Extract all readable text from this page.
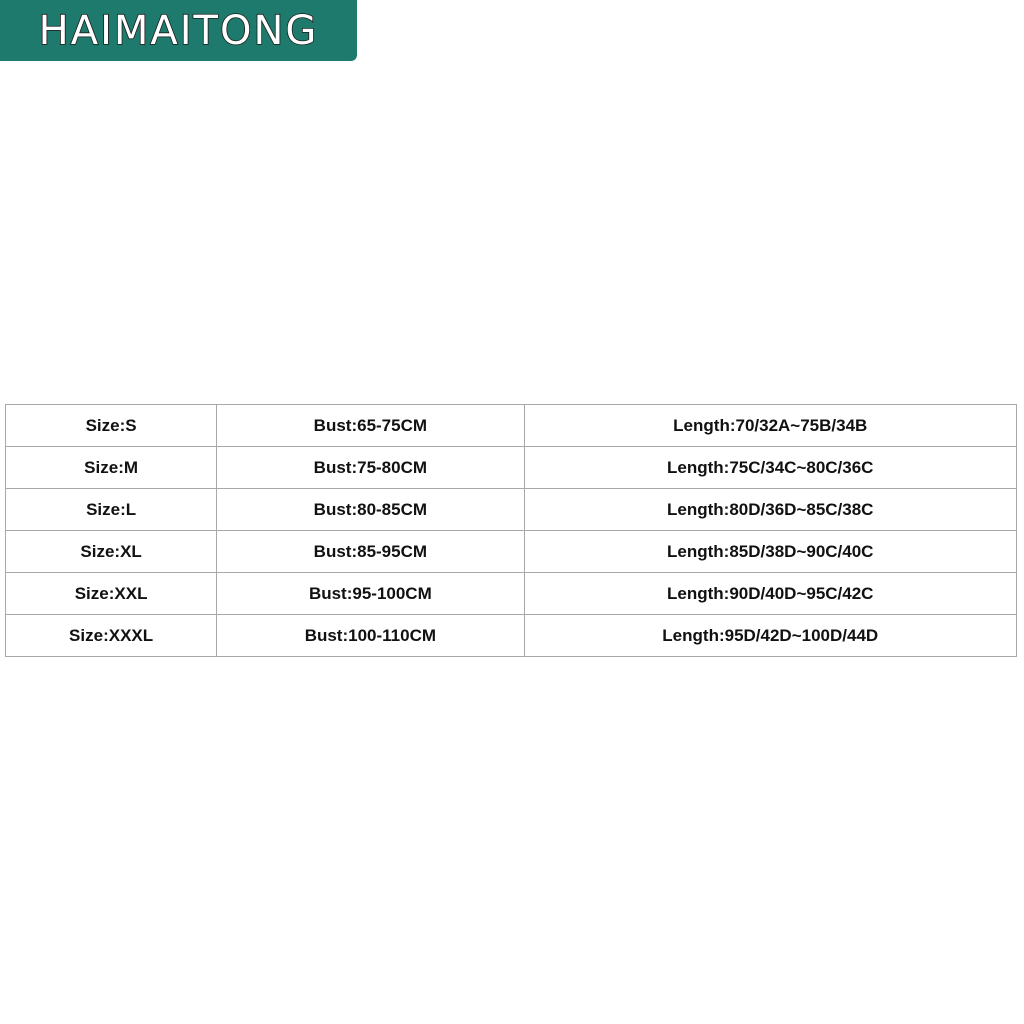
HAIMAITONG
Size:S	Bust:65-75CM	Length:70/32A~75B/34B
Size:M	Bust:75-80CM	Length:75C/34C~80C/36C
Size:L	Bust:80-85CM	Length:80D/36D~85C/38C
Size:XL	Bust:85-95CM	Length:85D/38D~90C/40C
Size:XXL	Bust:95-100CM	Length:90D/40D~95C/42C
Size:XXXL	Bust:100-110CM	Length:95D/42D~100D/44D
